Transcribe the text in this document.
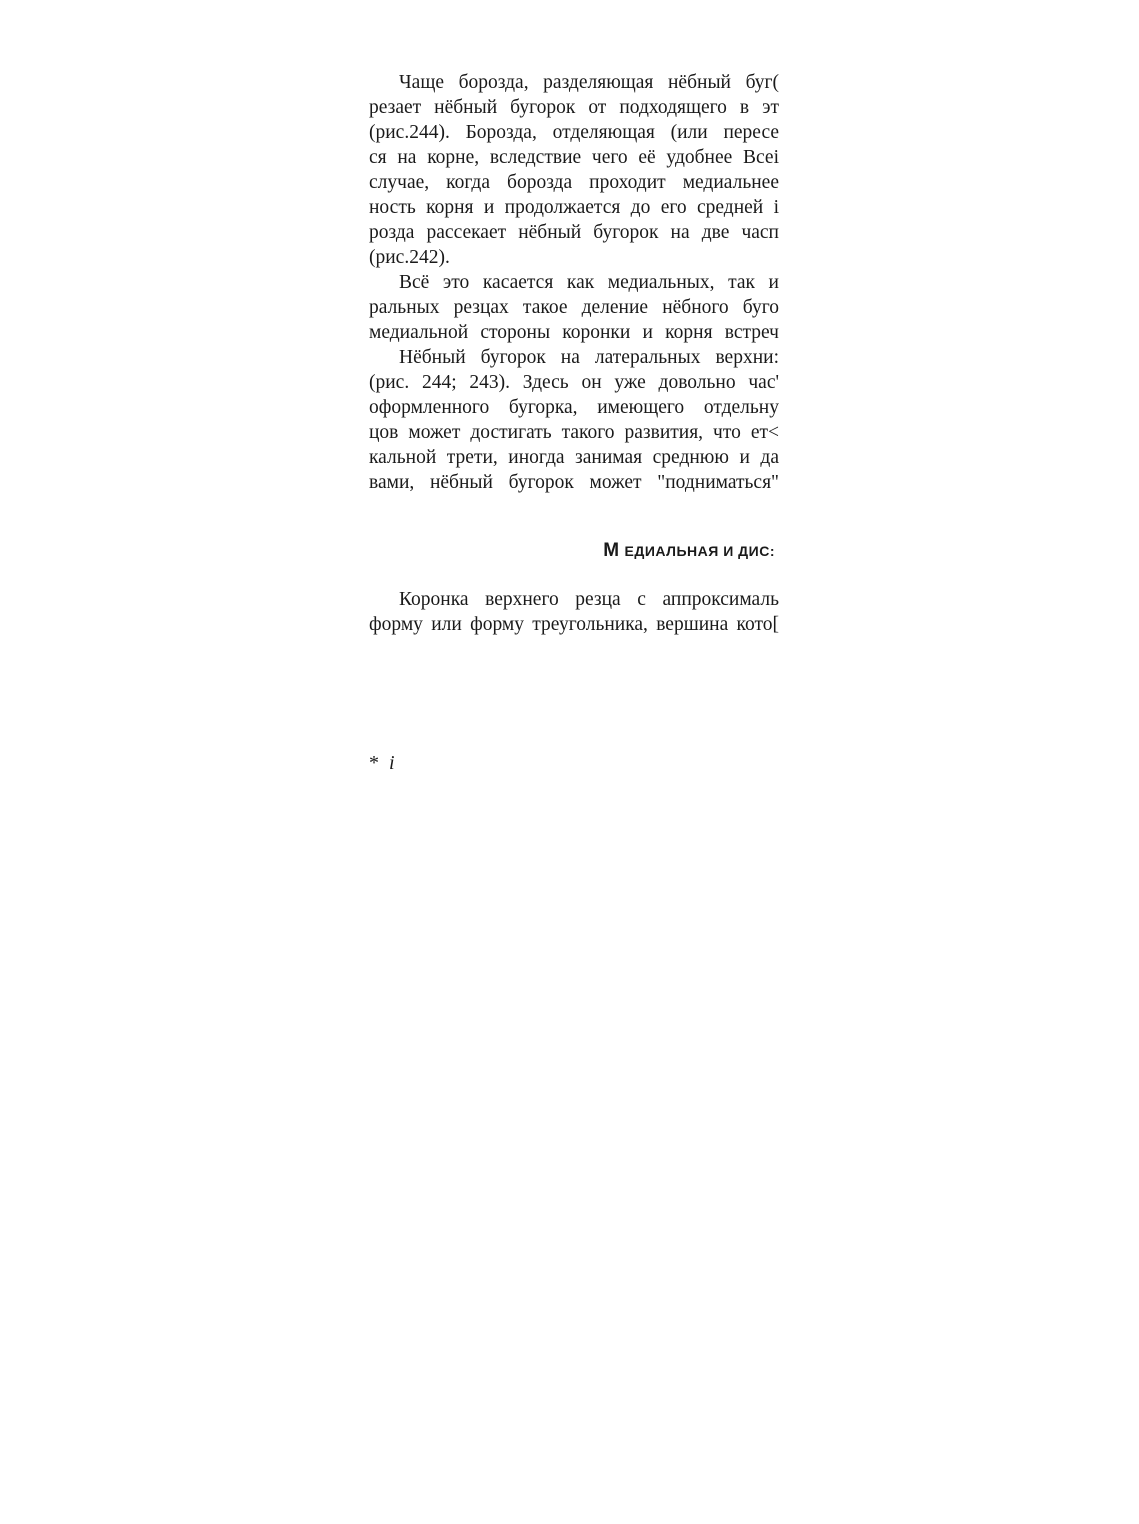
Чаще борозда, разделяющая нёбный буг(
резает нёбный бугорок от подходящего в эт
(рис.244). Борозда, отделяющая (или пересе
ся на корне, вследствие чего её удобнее Всеі
случае, когда борозда проходит медиальнее
ность корня и продолжается до его средней і
розда рассекает нёбный бугорок на две часп
(рис.242).
Всё это касается как медиальных, так и
ральных резцах такое деление нёбного буго
медиальной стороны коронки и корня встреч
Нёбный бугорок на латеральных верхни:
(рис. 244; 243). Здесь он уже довольно час'
оформленного бугорка, имеющего отдельну
цов может достигать такого развития, что ет<
кальной трети, иногда занимая среднюю и да
вами, нёбный бугорок может "подниматься"
М ЕДИАЛЬНАЯ И ДИС:
Коронка верхнего резца с аппроксималь
форму или форму треугольника, вершина кото[
* i
